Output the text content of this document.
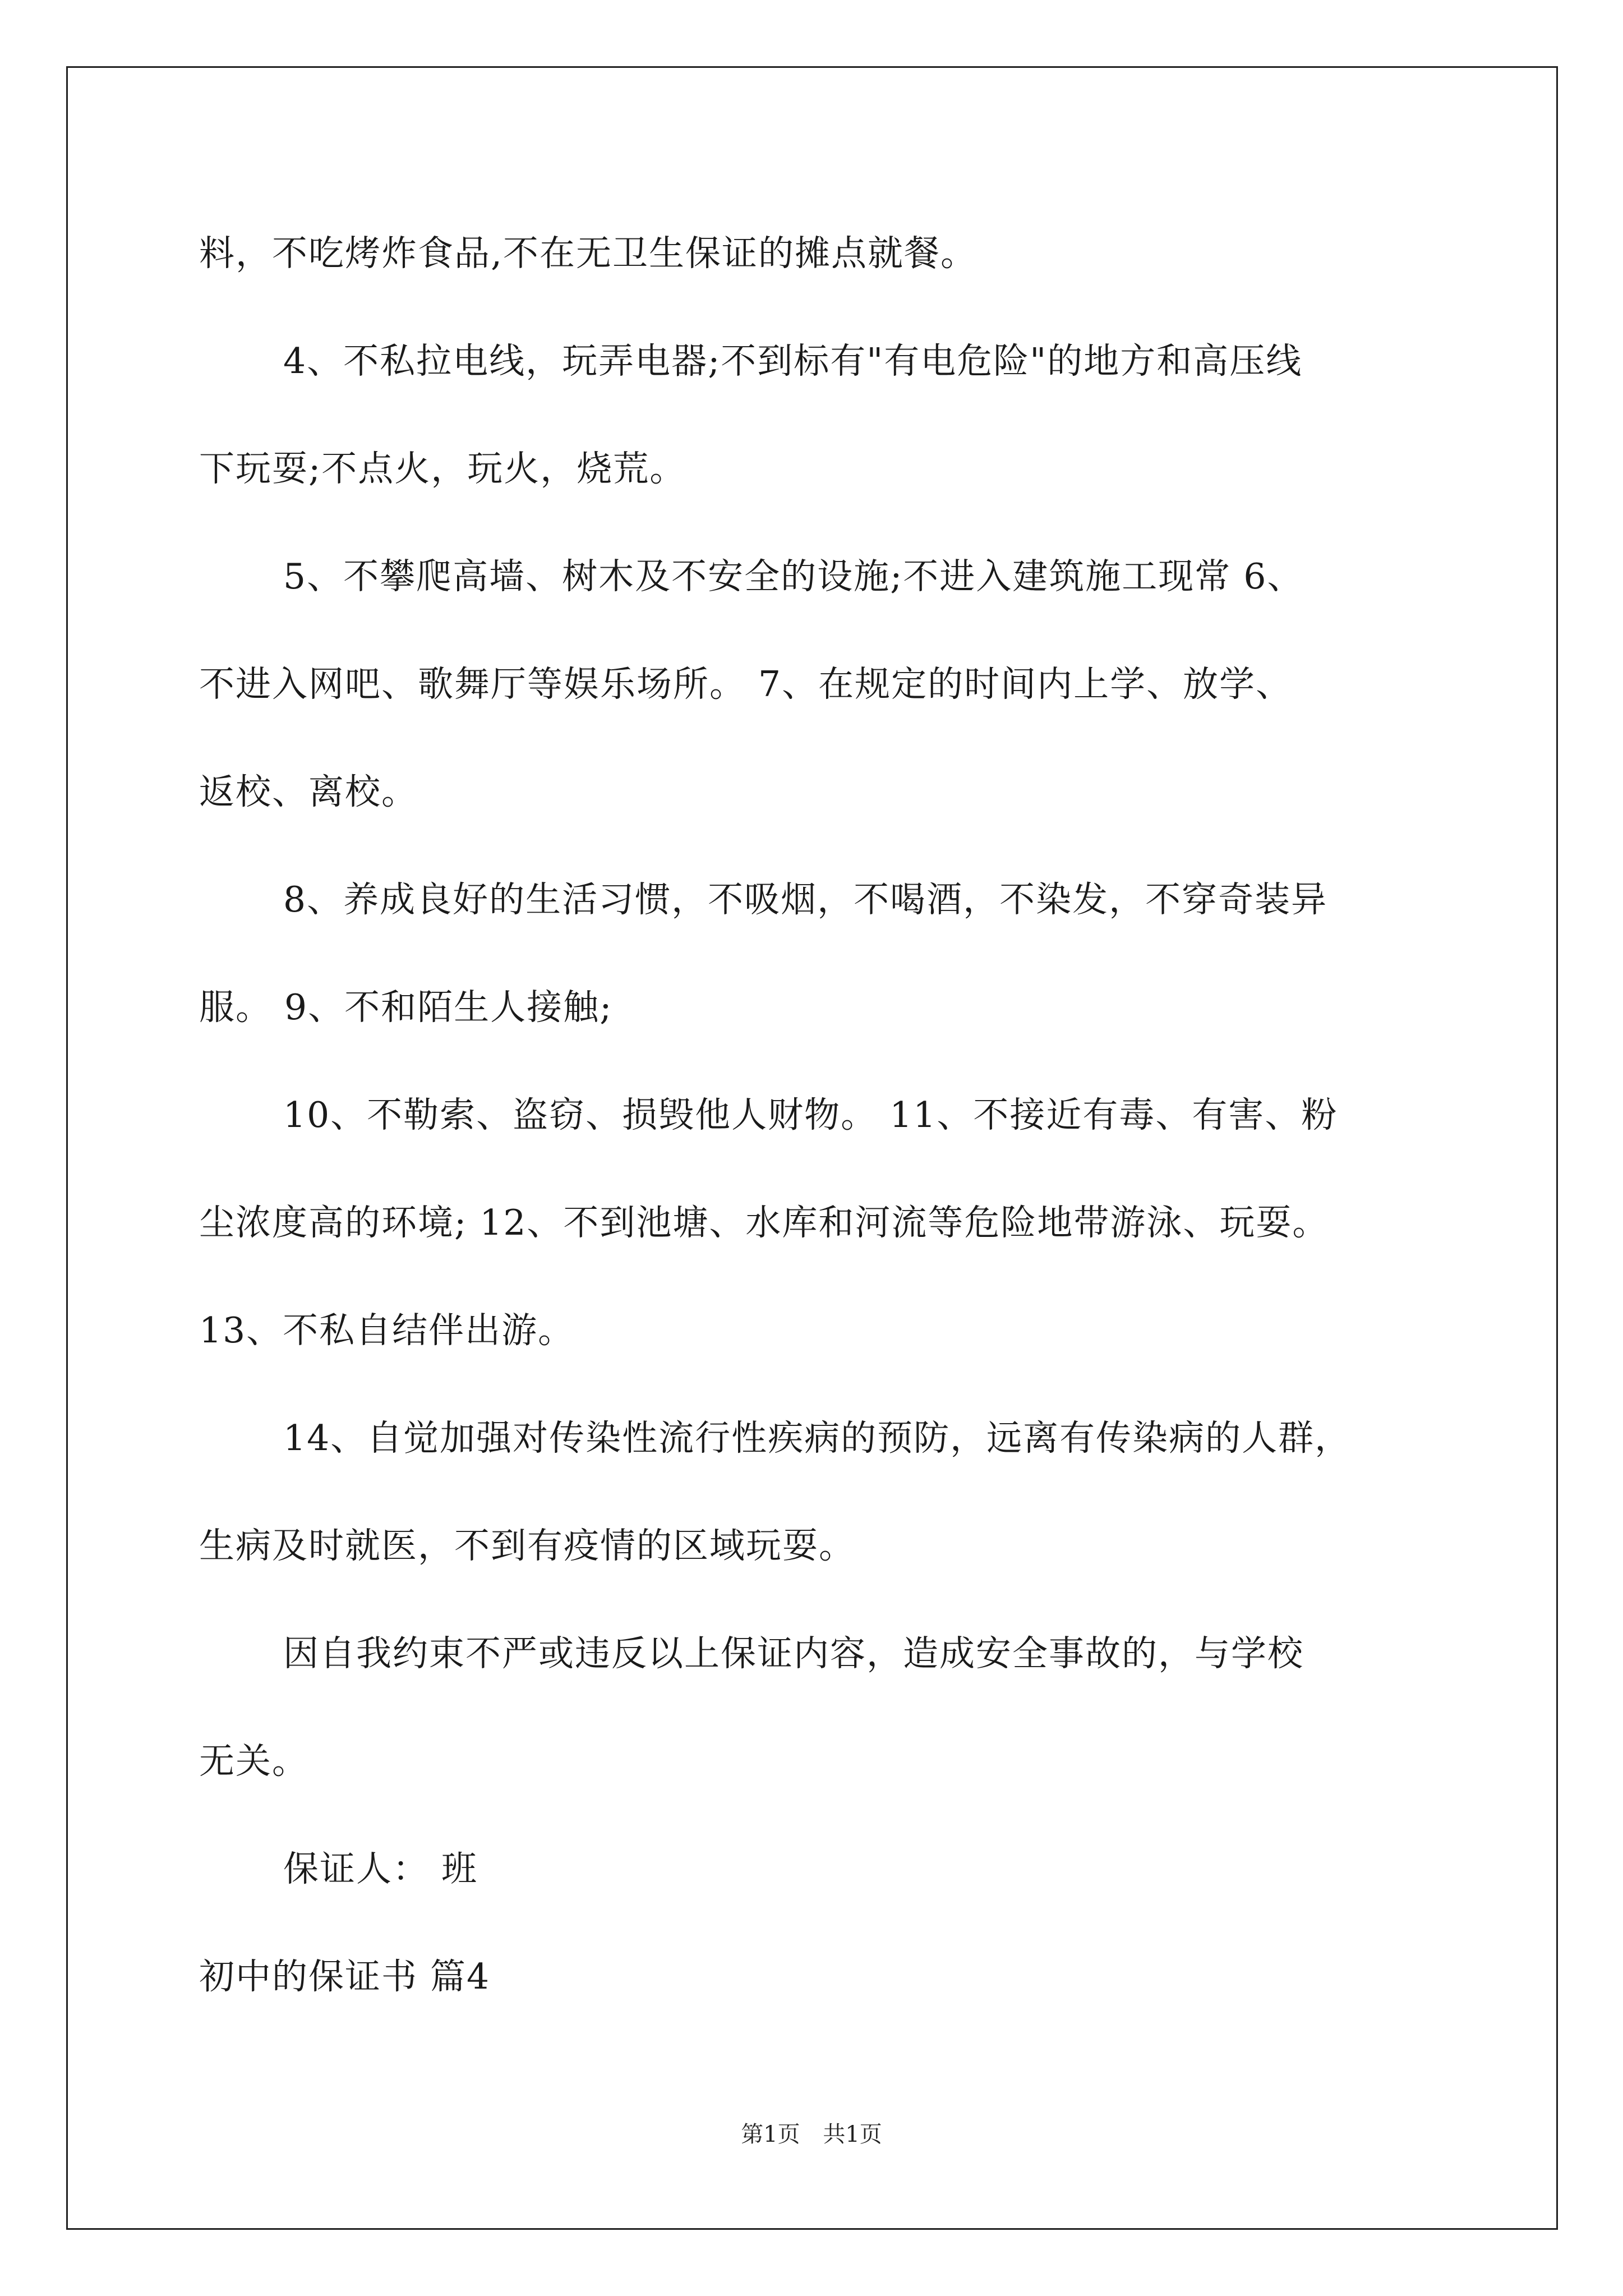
料，不吃烤炸食品,不在无卫生保证的摊点就餐。
4、不私拉电线，玩弄电器;不到标有"有电危险"的地方和高压线
下玩耍;不点火，玩火，烧荒。
5、不攀爬高墙、树木及不安全的设施;不进入建筑施工现常 6、
不进入网吧、歌舞厅等娱乐场所。 7、在规定的时间内上学、放学、
返校、离校。
8、养成良好的生活习惯，不吸烟，不喝酒，不染发，不穿奇装异
服。 9、不和陌生人接触;
10、不勒索、盗窃、损毁他人财物。 11、不接近有毒、有害、粉
尘浓度高的环境; 12、不到池塘、水库和河流等危险地带游泳、玩耍。
13、不私自结伴出游。
14、自觉加强对传染性流行性疾病的预防，远离有传染病的人群，
生病及时就医，不到有疫情的区域玩耍。
因自我约束不严或违反以上保证内容，造成安全事故的，与学校
无关。
保证人： 班
初中的保证书 篇4
第1页 共1页
